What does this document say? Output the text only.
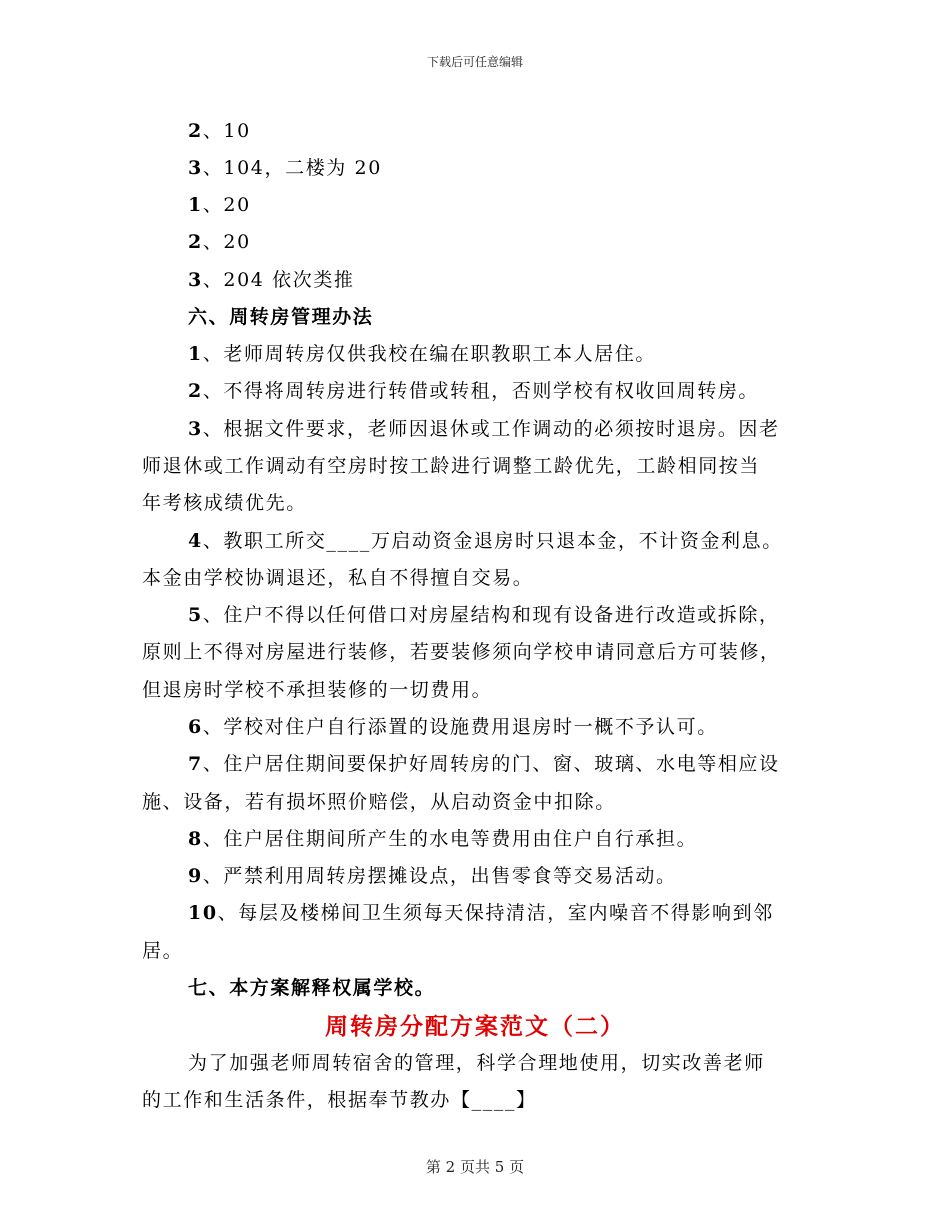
下载后可任意编辑
2、10
3、104，二楼为 20
1、20
2、20
3、204 依次类推
六、周转房管理办法
1、老师周转房仅供我校在编在职教职工本人居住。
2、不得将周转房进行转借或转租，否则学校有权收回周转房。
3、根据文件要求，老师因退休或工作调动的必须按时退房。因老
师退休或工作调动有空房时按工龄进行调整工龄优先，工龄相同按当
年考核成绩优先。
4、教职工所交____万启动资金退房时只退本金，不计资金利息。
本金由学校协调退还，私自不得擅自交易。
5、住户不得以任何借口对房屋结构和现有设备进行改造或拆除，
原则上不得对房屋进行装修，若要装修须向学校申请同意后方可装修，
但退房时学校不承担装修的一切费用。
6、学校对住户自行添置的设施费用退房时一概不予认可。
7、住户居住期间要保护好周转房的门、窗、玻璃、水电等相应设
施、设备，若有损坏照价赔偿，从启动资金中扣除。
8、住户居住期间所产生的水电等费用由住户自行承担。
9、严禁利用周转房摆摊设点，出售零食等交易活动。
10、每层及楼梯间卫生须每天保持清洁，室内噪音不得影响到邻
居。
七、本方案解释权属学校。
周转房分配方案范文（二）
为了加强老师周转宿舍的管理，科学合理地使用，切实改善老师
的工作和生活条件，根据奉节教办【____】
第 2 页共 5 页
